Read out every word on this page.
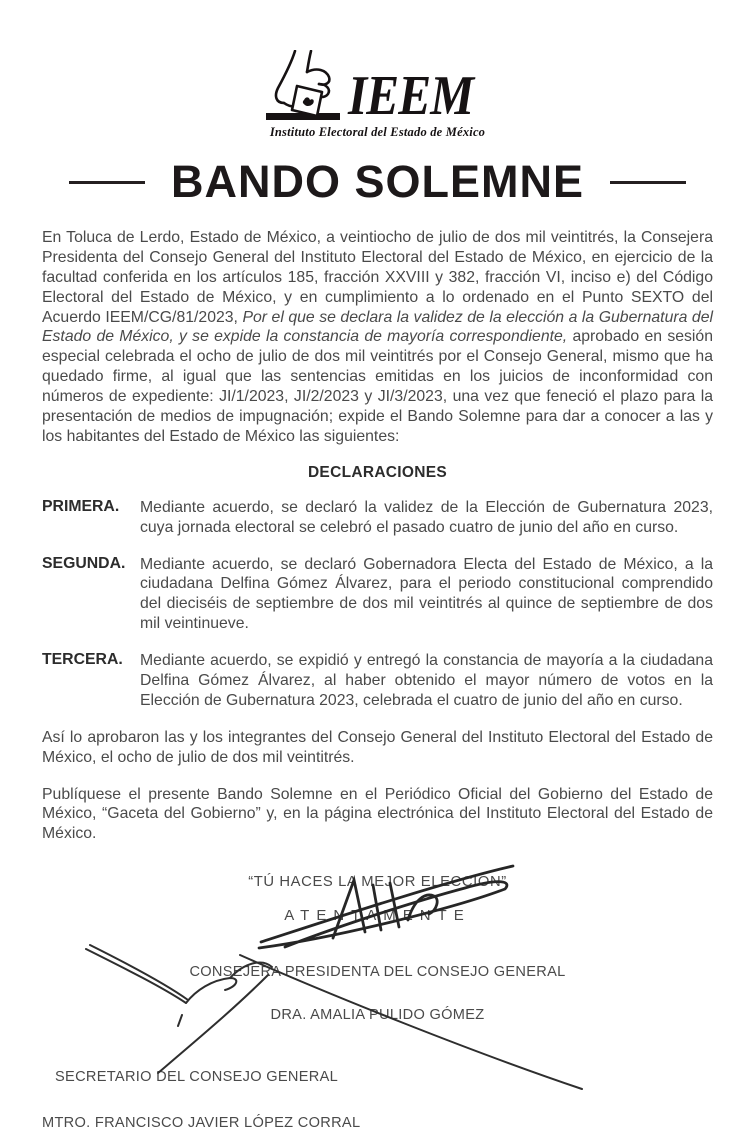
IEEM
Instituto Electoral del Estado de México
BANDO SOLEMNE

En Toluca de Lerdo, Estado de México, a veintiocho de julio de dos mil veintitrés, la Consejera Presidenta del Consejo General del Instituto Electoral del Estado de México, en ejercicio de la facultad conferida en los artículos 185, fracción XXVIII y 382, fracción VI, inciso e) del Código Electoral del Estado de México, y en cumplimiento a lo ordenado en el Punto SEXTO del Acuerdo IEEM/CG/81/2023, Por el que se declara la validez de la elección a la Gubernatura del Estado de México, y se expide la constancia de mayoría correspondiente, aprobado en sesión especial celebrada el ocho de julio de dos mil veintitrés por el Consejo General, mismo que ha quedado firme, al igual que las sentencias emitidas en los juicios de inconformidad con números de expediente: JI/1/2023, JI/2/2023 y JI/3/2023, una vez que feneció el plazo para la presentación de medios de impugnación; expide el Bando Solemne para dar a conocer a las y los habitantes del Estado de México las siguientes:

DECLARACIONES
PRIMERA.	Mediante acuerdo, se declaró la validez de la Elección de Gubernatura 2023, cuya jornada electoral se celebró el pasado cuatro de junio del año en curso.
SEGUNDA. Mediante acuerdo, se declaró Gobernadora Electa del Estado de México, a la ciudadana Delfina Gómez Álvarez, para el periodo constitucional comprendido del dieciséis de septiembre de dos mil veintitrés al quince de septiembre de dos mil veintinueve.
TERCERA.	Mediante acuerdo, se expidió y entregó la constancia de mayoría a la ciudadana Delfina Gómez Álvarez, al haber obtenido el mayor número de votos en la Elección de Gubernatura 2023, celebrada el cuatro de junio del año en curso.

Así lo aprobaron las y los integrantes del Consejo General del Instituto Electoral del Estado de México, el ocho de julio de dos mil veintitrés.

Publíquese el presente Bando Solemne en el Periódico Oficial del Gobierno del Estado de México, “Gaceta del Gobierno” y, en la página electrónica del Instituto Electoral del Estado de México.

“TÚ HACES LA MEJOR ELECCIÓN”
ATENTAMENTE
CONSEJERA PRESIDENTA DEL CONSEJO GENERAL
DRA. AMALIA PULIDO GÓMEZ
SECRETARIO DEL CONSEJO GENERAL
MTRO. FRANCISCO JAVIER LÓPEZ CORRAL
